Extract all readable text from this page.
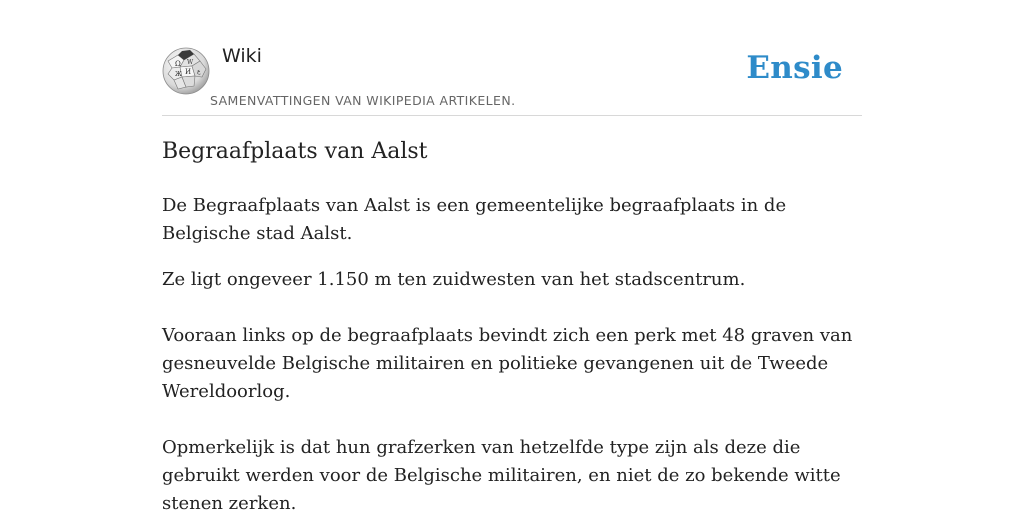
Ω W
Ж И ع
Wiki
SAMENVATTINGEN VAN WIKIPEDIA ARTIKELEN.
Ensie
Begraafplaats van Aalst

De Begraafplaats van Aalst is een gemeentelijke begraafplaats in de Belgische stad Aalst.

Ze ligt ongeveer 1.150 m ten zuidwesten van het stadscentrum.

Vooraan links op de begraafplaats bevindt zich een perk met 48 graven van gesneuvelde Belgische militairen en politieke gevangenen uit de Tweede Wereldoorlog.

Opmerkelijk is dat hun grafzerken van hetzelfde type zijn als deze die gebruikt werden voor de Belgische militairen, en niet de zo bekende witte stenen zerken.
